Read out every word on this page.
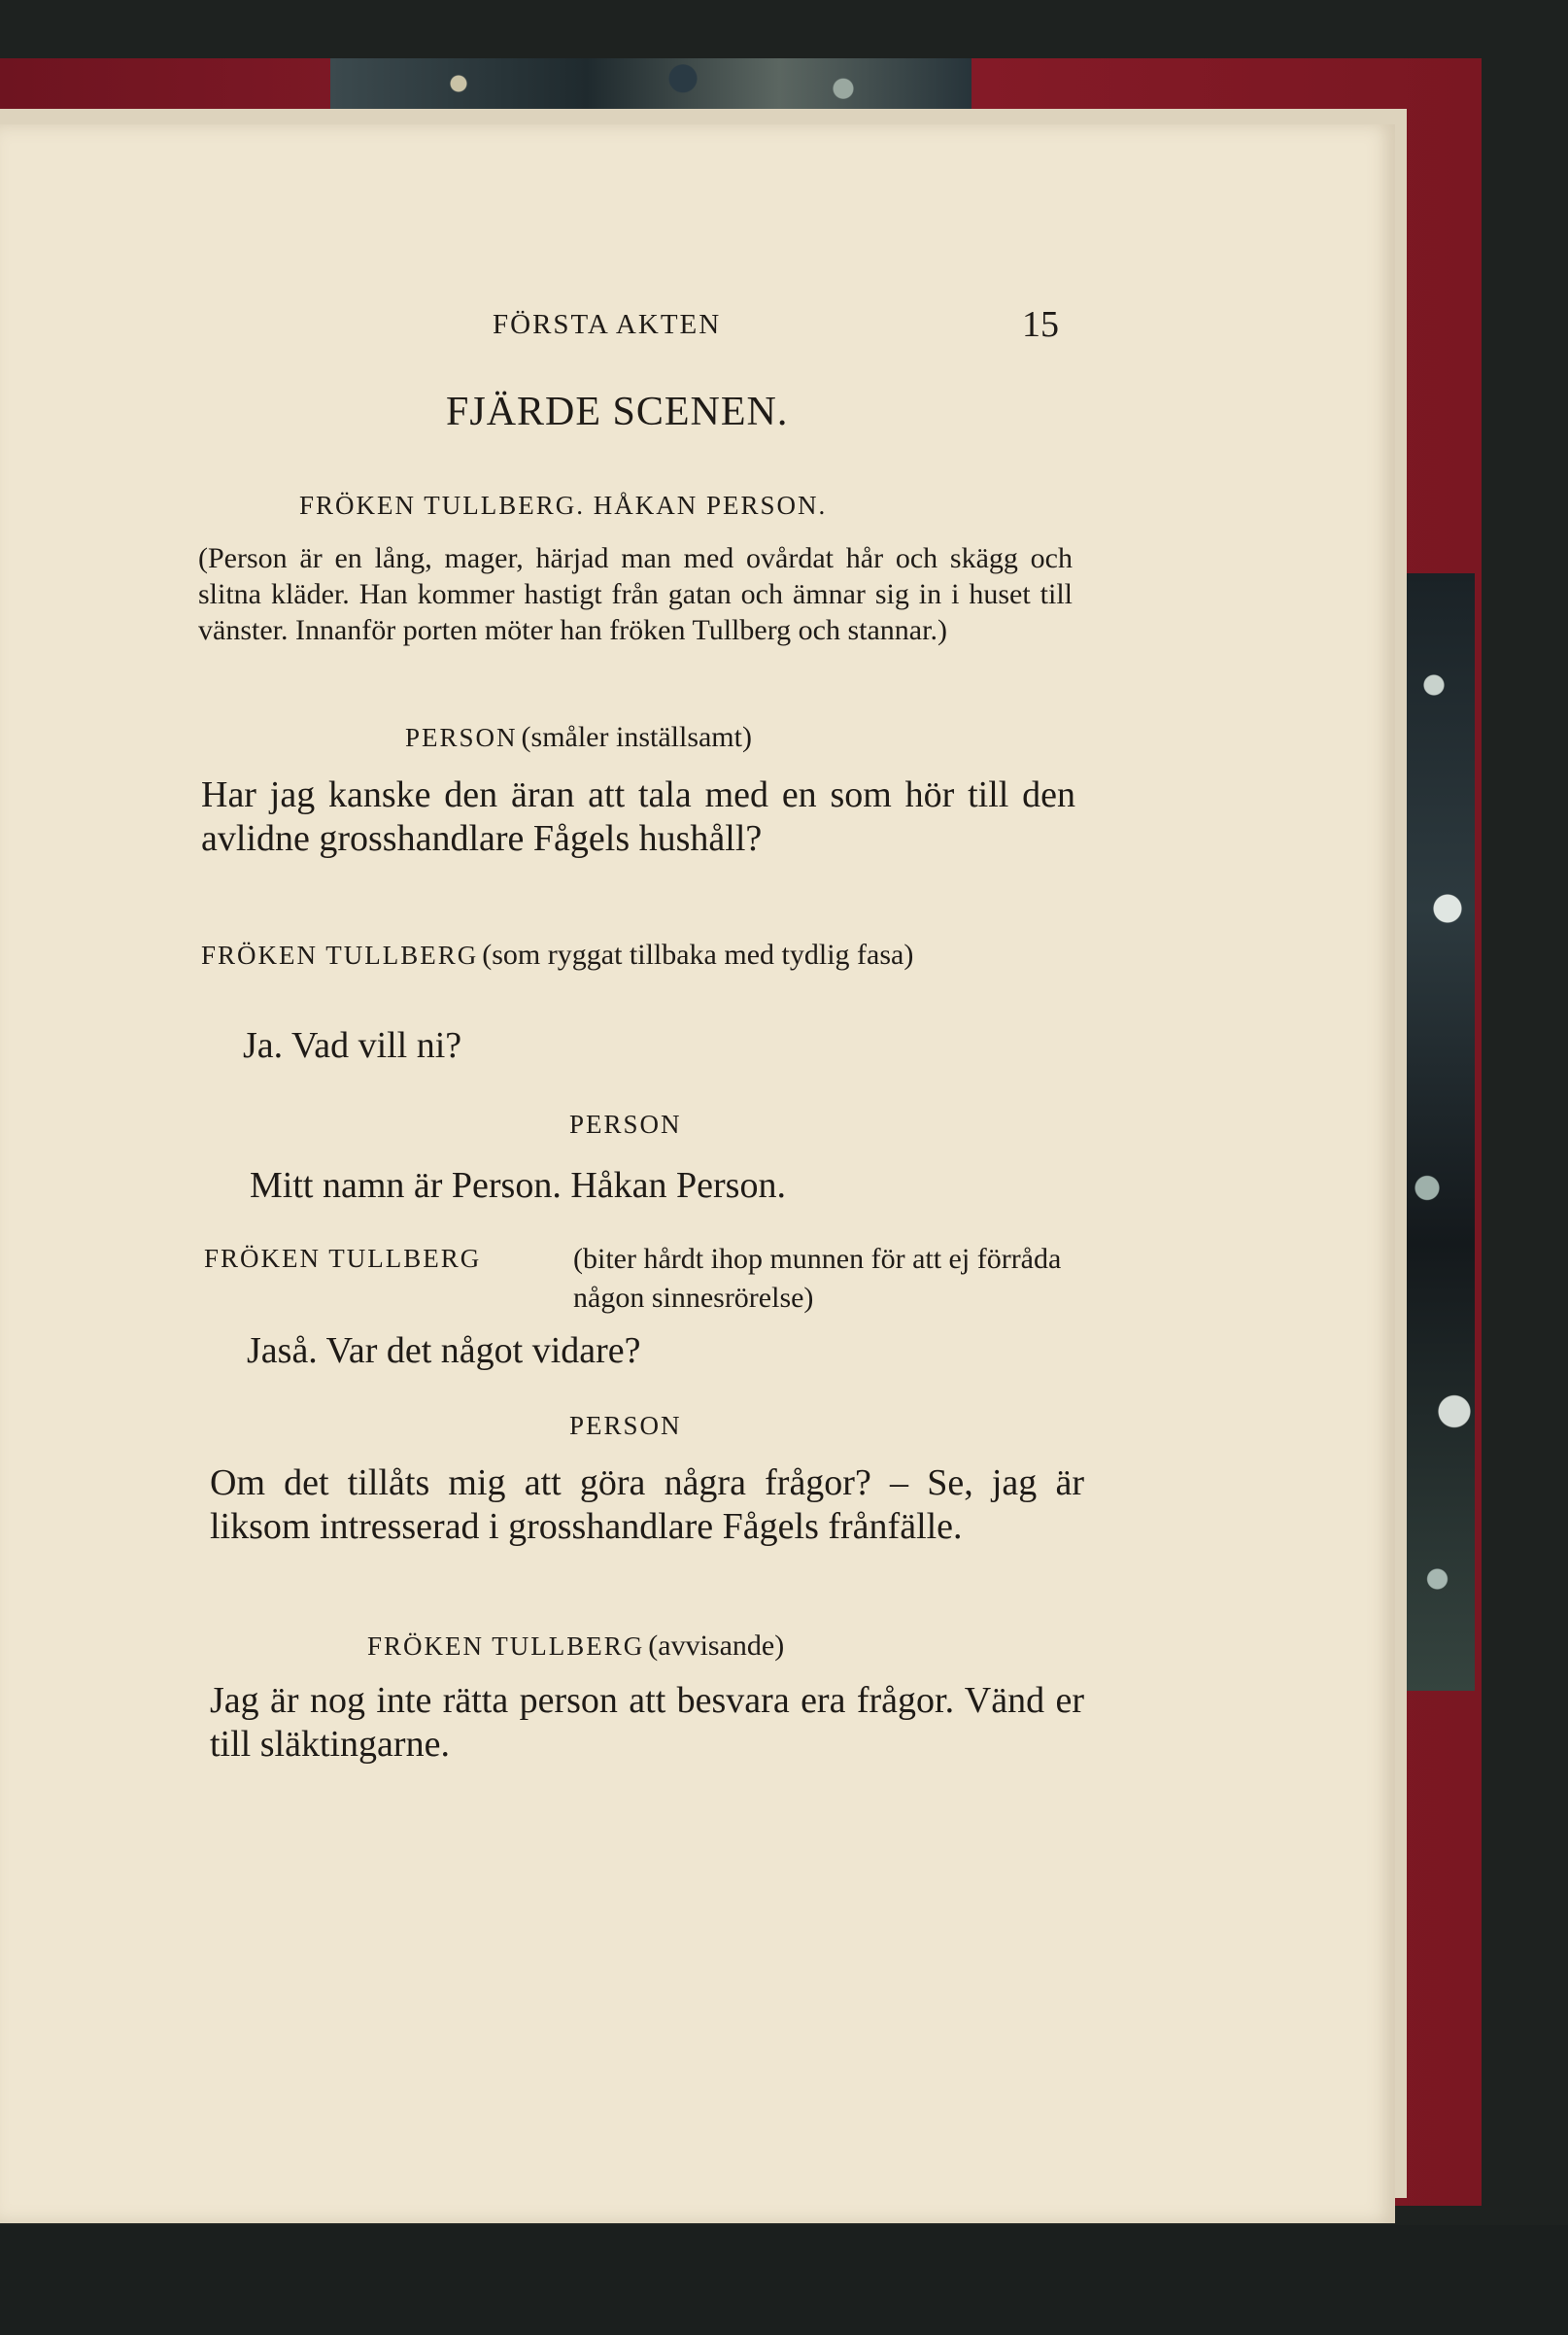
FÖRSTA AKTEN	15
FJÄRDE SCENEN.
FRÖKEN TULLBERG. HÅKAN PERSON.
(Person är en lång, mager, härjad man med ovårdat hår och skägg och slitna kläder. Han kommer hastigt från gatan och ämnar sig in i huset till vänster. Innanför porten möter han fröken Tullberg och stannar.)
PERSON (småler inställsamt)
Har jag kanske den äran att tala med en som hör till den avlidne grosshandlare Fågels hushåll?
FRÖKEN TULLBERG (som ryggat tillbaka med tydlig fasa)
Ja. Vad vill ni?
PERSON
Mitt namn är Person. Håkan Person.
FRÖKEN TULLBERG	(biter hårdt ihop munnen för att ej förråda någon sinnesrörelse)
Jaså. Var det något vidare?
PERSON
Om det tillåts mig att göra några frågor? – Se, jag är liksom intresserad i grosshandlare Fågels frånfälle.
FRÖKEN TULLBERG (avvisande)
Jag är nog inte rätta person att besvara era frågor. Vänd er till släktingarne.
